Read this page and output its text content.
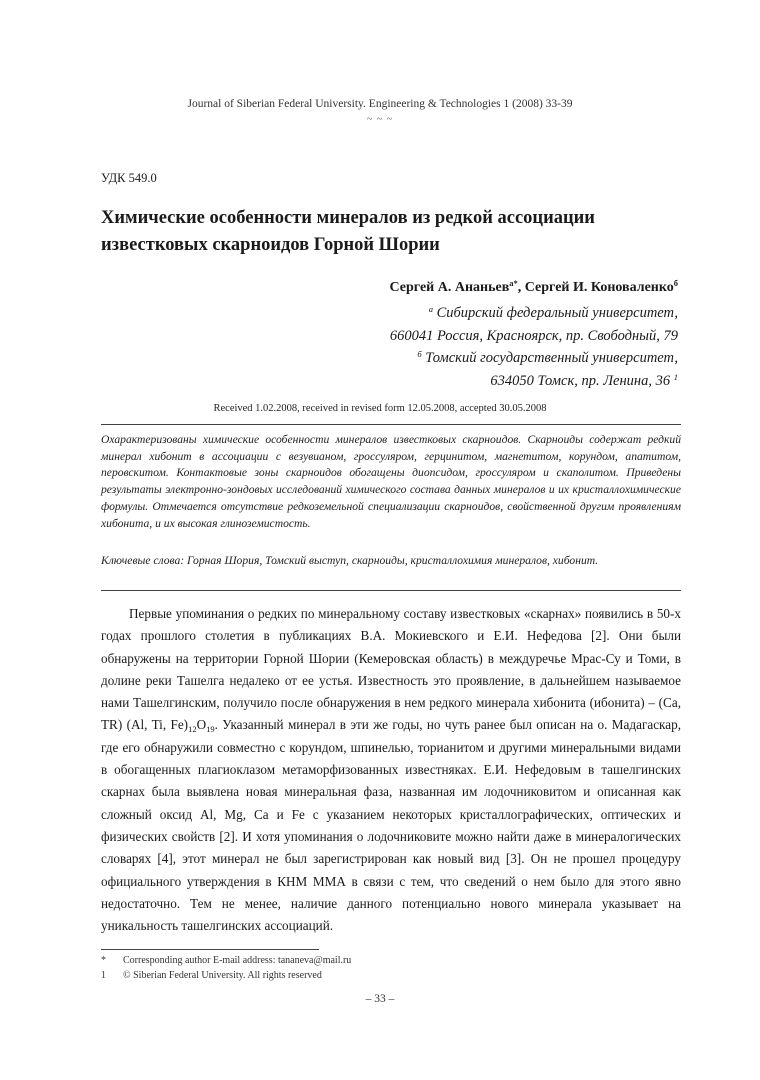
Journal of Siberian Federal University. Engineering & Technologies 1 (2008) 33-39
~ ~ ~
УДК 549.0
Химические особенности минералов из редкой ассоциации
известковых скарноидов Горной Шории
Сергей А. Ананьев$^{а*}$, Сергей И. Коноваленко$^б$
$^а$ Сибирский федеральный университет,
660041 Россия, Красноярск, пр. Свободный, 79
$^б$ Томский государственный университет,
634050 Томск, пр. Ленина, 36 $^1$
Received 1.02.2008, received in revised form 12.05.2008, accepted 30.05.2008

Охарактеризованы химические особенности минералов известковых скарноидов. Скарноиды содержат редкий минерал хибонит в ассоциации с везувианом, гроссуляром, герцинитом, магнетитом, корундом, апатитом, перовскитом. Контактовые зоны скарноидов обогащены диопсидом, гроссуляром и скаполитом. Приведены результаты электронно-зондовых исследований химического состава данных минералов и их кристаллохимические формулы. Отмечается отсутствие редкоземельной специализации скарноидов, свойственной другим проявлениям хибонита, и их высокая глиноземистость.

Ключевые слова: Горная Шория, Томский выступ, скарноиды, кристаллохимия минералов, хибонит.

Первые упоминания о редких по минеральному составу известковых «скарнах» появились в 50-х годах прошлого столетия в публикациях В.А. Мокиевского и Е.И. Нефедова [2]. Они были обнаружены на территории Горной Шории (Кемеровская область) в междуречье Мрас-Су и Томи, в долине реки Ташелга недалеко от ее устья. Известность это проявление, в дальнейшем называемое нами Ташелгинским, получило после обнаружения в нем редкого минерала хибонита (ибонита) – (Ca, TR) (Al, Ti, $Fe)_{12}O_{19}$. Указанный минерал в эти же годы, но чуть ранее был описан на о. Мадагаскар, где его обнаружили совместно с корундом, шпинелью, торианитом и другими минеральными видами в обогащенных плагиоклазом метаморфизованных известняках. Е.И. Нефедовым в ташелгинских скарнах была выявлена новая минеральная фаза, названная им лодочниковитом и описанная как сложный оксид Al, Mg, Ca и Fe с указанием некоторых кристаллографических, оптических и физических свойств [2]. И хотя упоминания о лодочниковите можно найти даже в минералогических словарях [4], этот минерал не был зарегистрирован как новый вид [3]. Он не прошел процедуру официального утверждения в КНМ ММА в связи с тем, что сведений о нем было для этого явно недостаточно. Тем не менее, наличие данного потенциально нового минерала указывает на уникальность ташелгинских ассоциаций.

*	Corresponding author E-mail address: tananeva@mail.ru
1	© Siberian Federal University. All rights reserved
– 33 –
